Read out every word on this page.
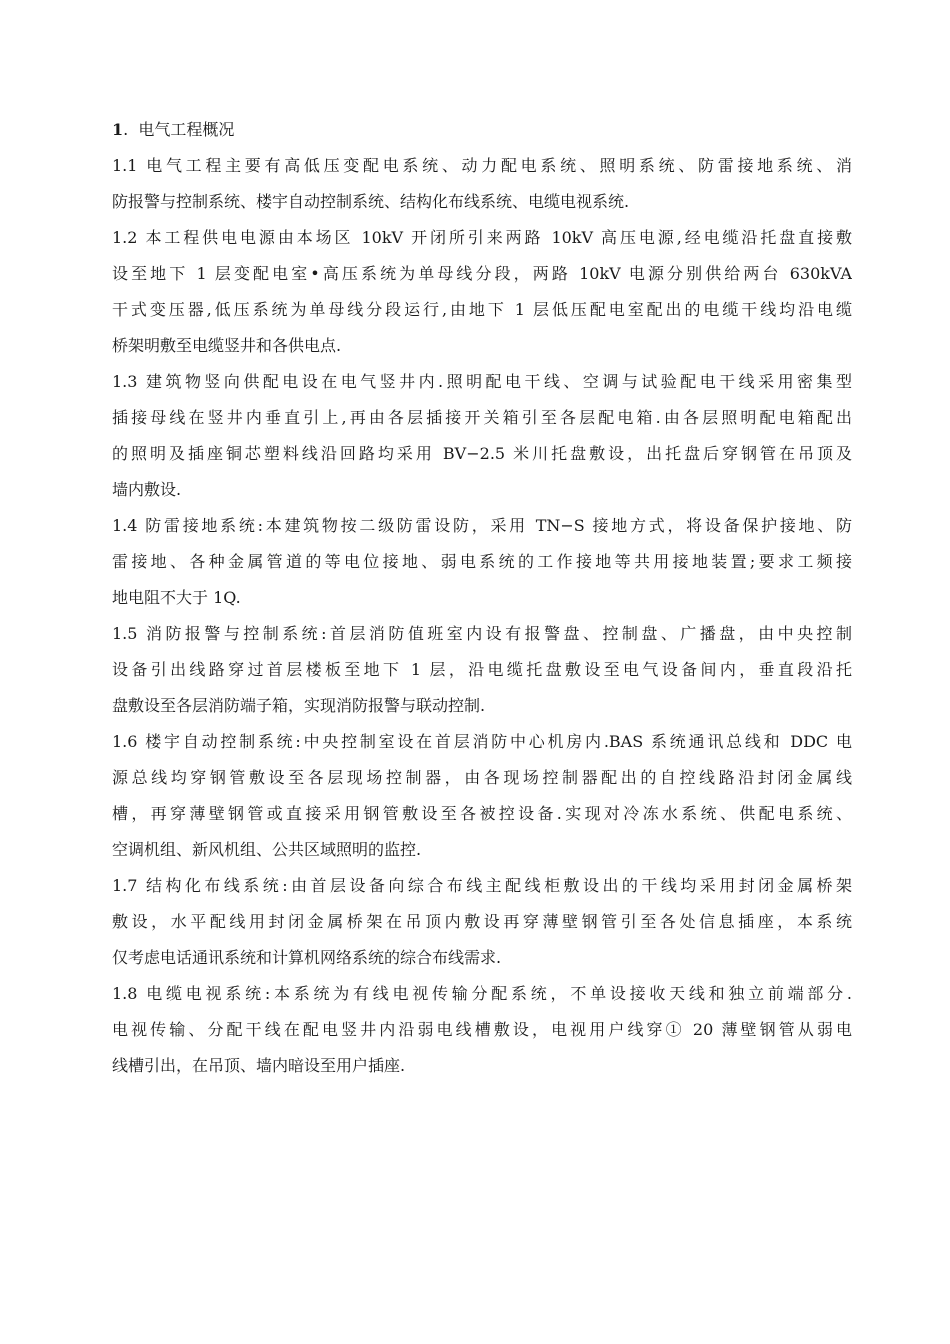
1. 电气工程概况

1.1 电气工程主要有高低压变配电系统、动力配电系统、照明系统、防雷接地系统、消
防报警与控制系统、楼宇自动控制系统、结构化布线系统、电缆电视系统.
1.2 本工程供电电源由本场区 10kV 开闭所引来两路 10kV 高压电源,经电缆沿托盘直接敷
设至地下 1 层变配电室•高压系统为单母线分段，两路 10kV 电源分别供给两台 630kVA
干式变压器,低压系统为单母线分段运行,由地下 1 层低压配电室配出的电缆干线均沿电缆
桥架明敷至电缆竖井和各供电点.
1.3 建筑物竖向供配电设在电气竖井内.照明配电干线、空调与试验配电干线采用密集型
插接母线在竖井内垂直引上,再由各层插接开关箱引至各层配电箱.由各层照明配电箱配出
的照明及插座铜芯塑料线沿回路均采用 BV−2.5 米川托盘敷设，出托盘后穿钢管在吊顶及
墙内敷设.
1.4 防雷接地系统:本建筑物按二级防雷设防，采用 TN−S 接地方式，将设备保护接地、防
雷接地、各种金属管道的等电位接地、弱电系统的工作接地等共用接地装置;要求工频接
地电阻不大于 1Q.
1.5 消防报警与控制系统:首层消防值班室内设有报警盘、控制盘、广播盘，由中央控制
设备引出线路穿过首层楼板至地下 1 层，沿电缆托盘敷设至电气设备间内，垂直段沿托
盘敷设至各层消防端子箱，实现消防报警与联动控制.
1.6 楼宇自动控制系统:中央控制室设在首层消防中心机房内.BAS 系统通讯总线和 DDC 电
源总线均穿钢管敷设至各层现场控制器，由各现场控制器配出的自控线路沿封闭金属线
槽，再穿薄壁钢管或直接采用钢管敷设至各被控设备.实现对冷冻水系统、供配电系统、
空调机组、新风机组、公共区域照明的监控.
1.7 结构化布线系统:由首层设备向综合布线主配线柜敷设出的干线均采用封闭金属桥架
敷设，水平配线用封闭金属桥架在吊顶内敷设再穿薄壁钢管引至各处信息插座，本系统
仅考虑电话通讯系统和计算机网络系统的综合布线需求.
1.8 电缆电视系统:本系统为有线电视传输分配系统，不单设接收天线和独立前端部分.
电视传输、分配干线在配电竖井内沿弱电线槽敷设，电视用户线穿① 20 薄壁钢管从弱电
线槽引出，在吊顶、墙内暗设至用户插座.
